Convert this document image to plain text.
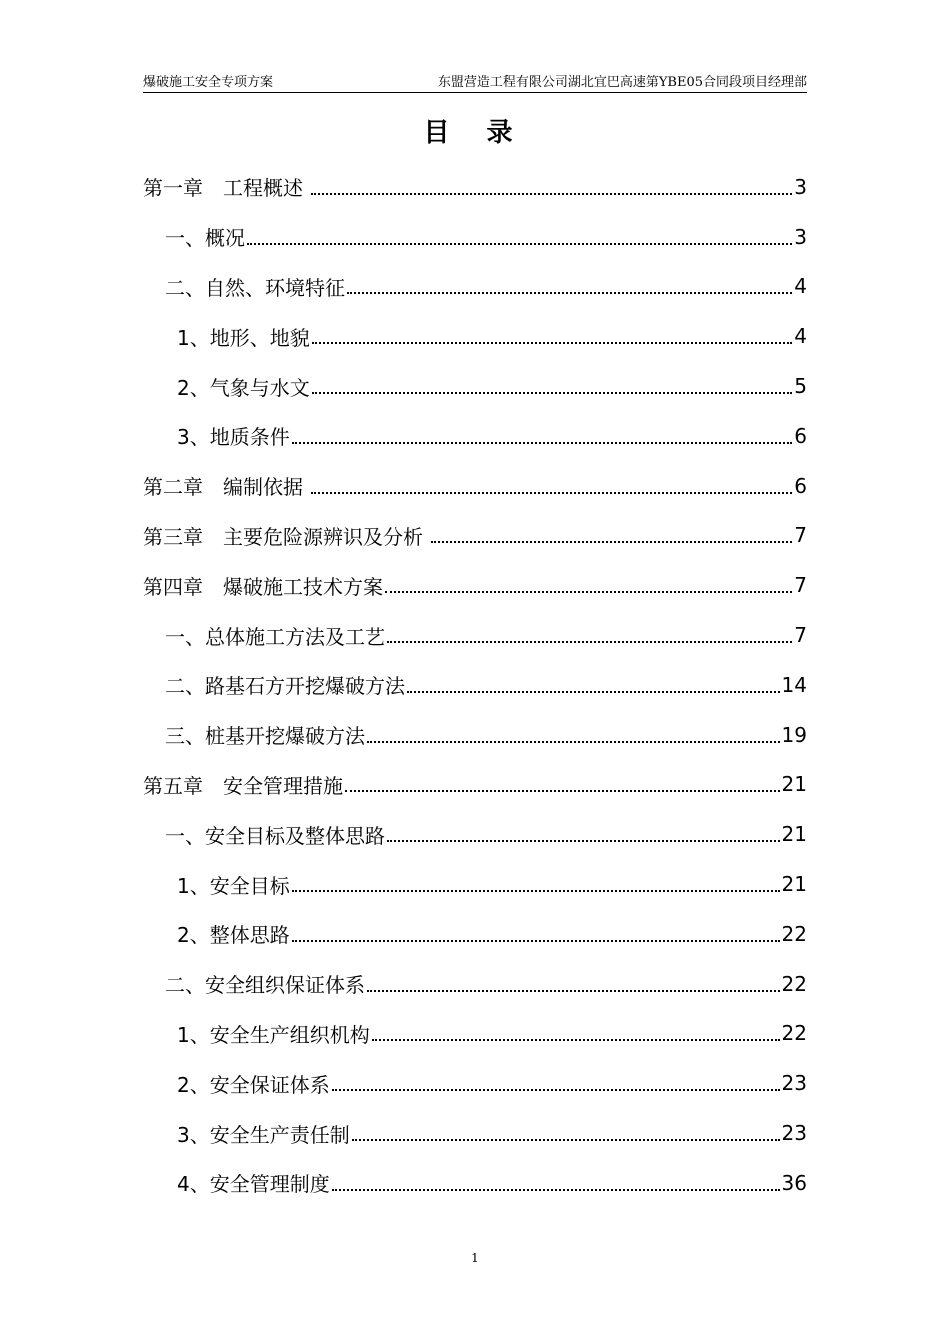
爆破施工安全专项方案	东盟营造工程有限公司湖北宜巴高速第YBE05合同段项目经理部
目 录
第一章　工程概述	3
一、概况	3
二、自然、环境特征	4
1、地形、地貌	4
2、气象与水文	5
3、地质条件	6
第二章　编制依据	6
第三章　主要危险源辨识及分析	7
第四章　爆破施工技术方案	7
一、总体施工方法及工艺	7
二、路基石方开挖爆破方法	14
三、桩基开挖爆破方法	19
第五章　安全管理措施	21
一、安全目标及整体思路	21
1、安全目标	21
2、整体思路	22
二、安全组织保证体系	22
1、安全生产组织机构	22
2、安全保证体系	23
3、安全生产责任制	23
4、安全管理制度	36
1
